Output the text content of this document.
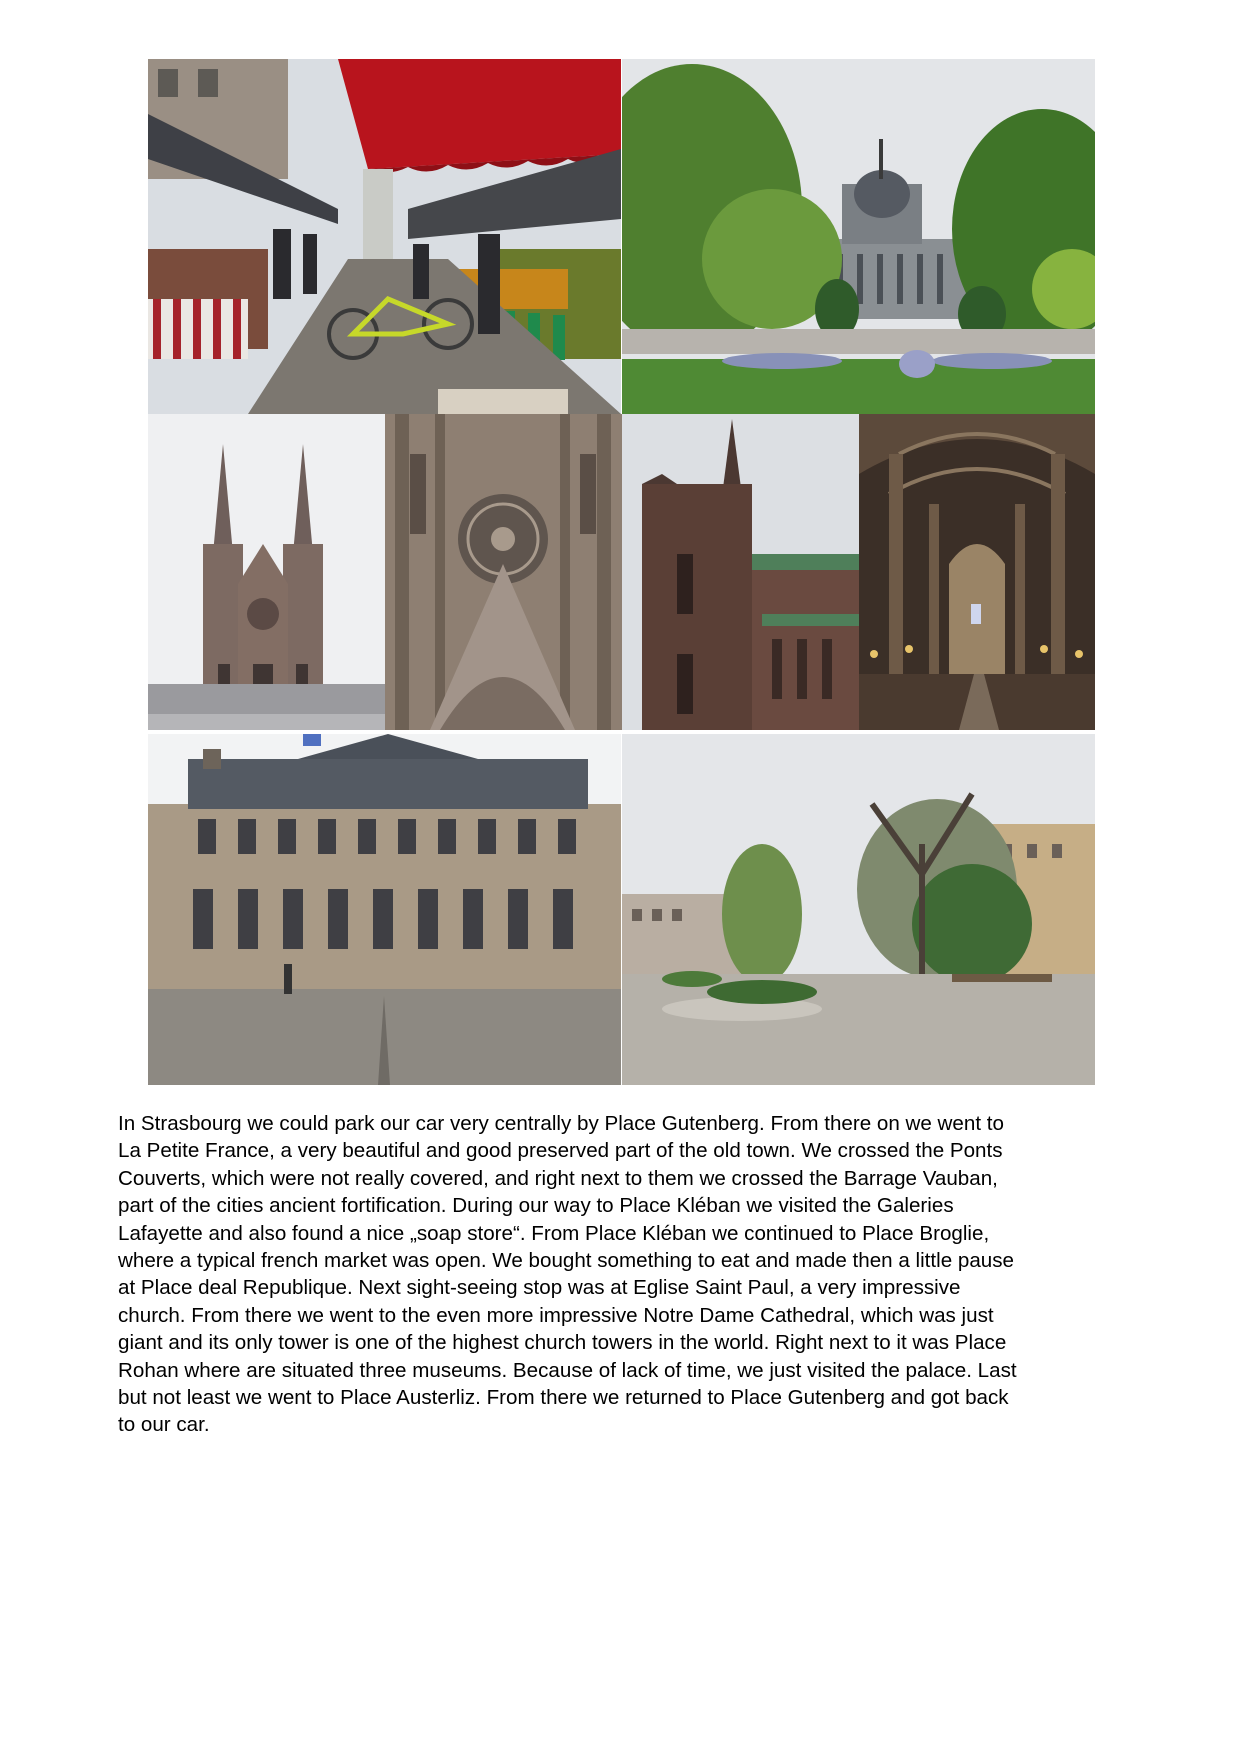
In Strasbourg we could park our car very centrally by Place Gutenberg. From there on we went to
La Petite France, a very beautiful and good preserved part of the old town. We crossed the Ponts
Couverts, which were not really covered, and right next to them we crossed the Barrage Vauban,
part of the cities ancient fortification. During our way to Place Kléban we visited the Galeries
Lafayette and also found a nice „soap store“. From Place Kléban we continued to Place Broglie,
where a typical french market was open. We bought something to eat and made then a little pause
at Place deal Republique. Next sight-seeing stop was at Eglise Saint Paul, a very impressive
church. From there we went to the even more impressive Notre Dame Cathedral, which was just
giant and its only tower is one of the highest church towers in the world. Right next to it was Place
Rohan where are situated three museums. Because of lack of time, we just visited the palace. Last
but not least we went to Place Austerliz. From there we returned to Place Gutenberg and got back
to our car.
